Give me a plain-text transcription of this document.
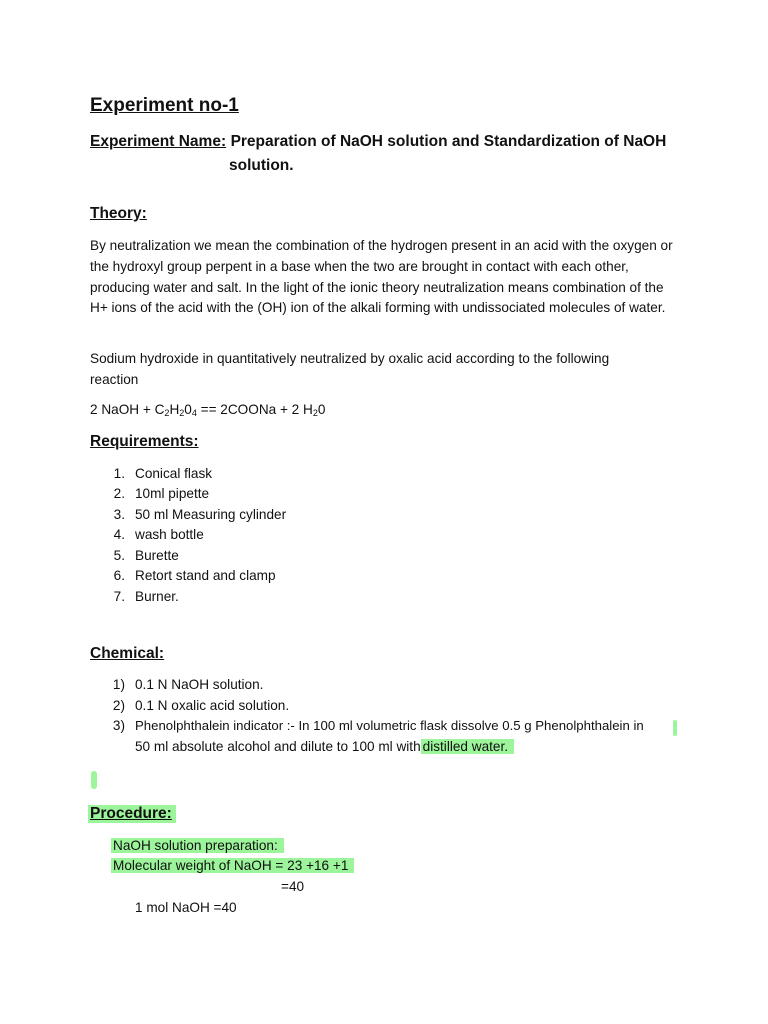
Experiment no-1
Experiment Name: Preparation of NaOH solution and Standardization of NaOH
solution.
Theory:
By neutralization we mean the combination of the hydrogen present in an acid with the oxygen or the hydroxyl group perpent in a base when the two are brought in contact with each other, producing water and salt. In the light of the ionic theory neutralization means combination of the H+ ions of the acid with the (OH) ion of the alkali forming with undissociated molecules of water.
Sodium hydroxide in quantitatively neutralized by oxalic acid according to the following reaction
2 NaOH + $C_2H_20_4$ == 2COONa + 2 $H_20$
Requirements:
1. Conical flask
2. 10ml pipette
3. 50 ml Measuring cylinder
4. wash bottle
5. Burette
6. Retort stand and clamp
7. Burner.
Chemical:
1) 0.1 N NaOH solution.
2) 0.1 N oxalic acid solution.
3) Phenolphthalein indicator :- In 100 ml volumetric flask dissolve 0.5 g Phenolphthalein in
50 ml absolute alcohol and dilute to 100 ml with distilled water.
Procedure:
NaOH solution preparation:
Molecular weight of NaOH = 23 +16 +1
=40
1 mol NaOH =40
